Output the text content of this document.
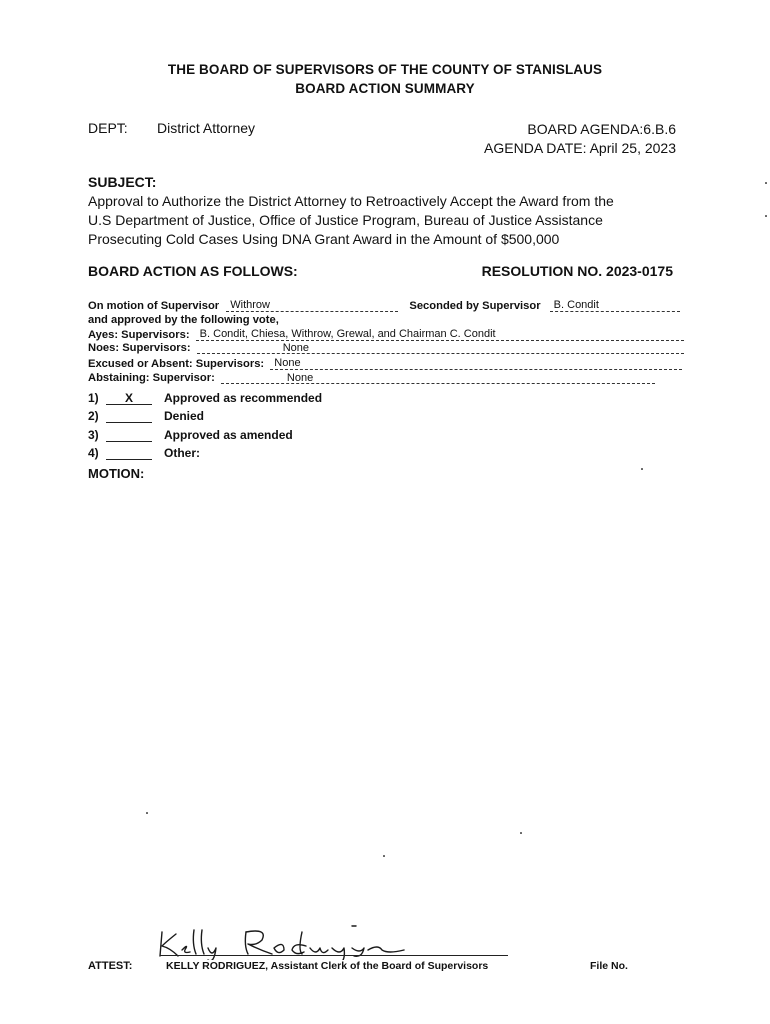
THE BOARD OF SUPERVISORS OF THE COUNTY OF STANISLAUS
BOARD ACTION SUMMARY
DEPT: District Attorney	BOARD AGENDA:6.B.6
AGENDA DATE: April 25, 2023
SUBJECT:
Approval to Authorize the District Attorney to Retroactively Accept the Award from the
U.S Department of Justice, Office of Justice Program, Bureau of Justice Assistance
Prosecuting Cold Cases Using DNA Grant Award in the Amount of $500,000
BOARD ACTION AS FOLLOWS:	RESOLUTION NO. 2023-0175
On motion of Supervisor Withrow	Seconded by Supervisor B. Condit
and approved by the following vote,
Ayes: Supervisors: B. Condit, Chiesa, Withrow, Grewal, and Chairman C. Condit
Noes: Supervisors:	None
Excused or Absent: Supervisors: None
Abstaining: Supervisor:	None
1) X	Approved as recommended
2)	Denied
3)	Approved as amended
4)	Other:
MOTION:
ATTEST:	KELLY RODRIGUEZ, Assistant Clerk of the Board of Supervisors	File No.
